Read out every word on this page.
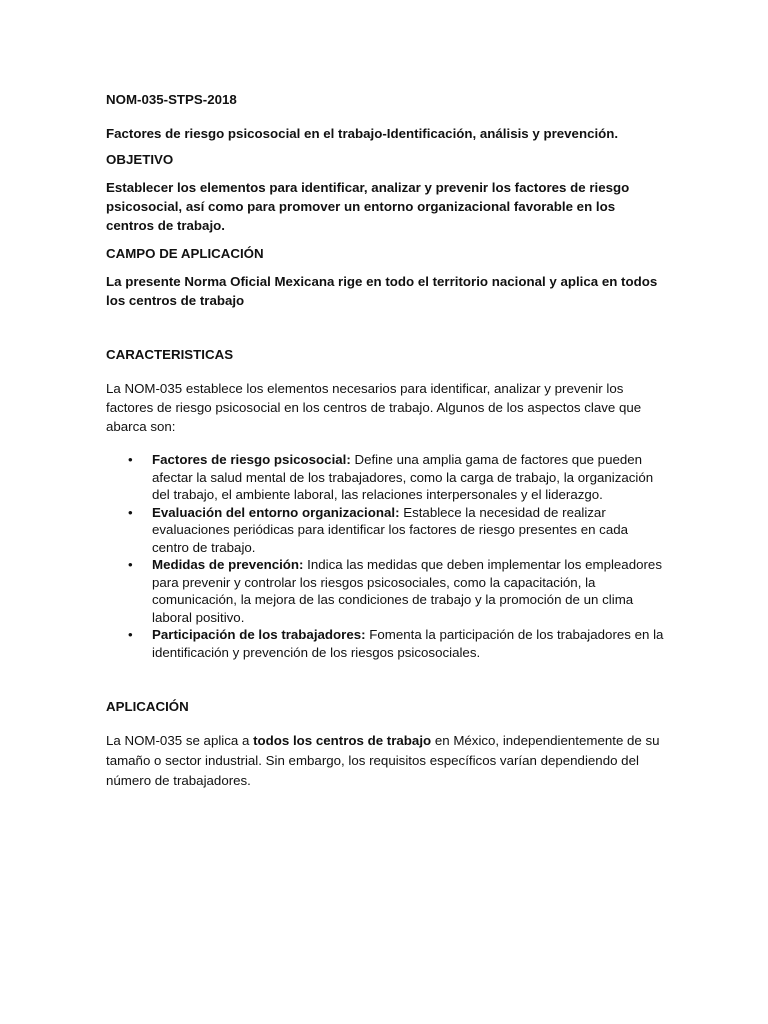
NOM-035-STPS-2018

Factores de riesgo psicosocial en el trabajo-Identificación, análisis y prevención.

OBJETIVO

Establecer los elementos para identificar, analizar y prevenir los factores de riesgo psicosocial, así como para promover un entorno organizacional favorable en los centros de trabajo.

CAMPO DE APLICACIÓN

La presente Norma Oficial Mexicana rige en todo el territorio nacional y aplica en todos los centros de trabajo

CARACTERISTICAS

La NOM-035 establece los elementos necesarios para identificar, analizar y prevenir los factores de riesgo psicosocial en los centros de trabajo. Algunos de los aspectos clave que abarca son:

• Factores de riesgo psicosocial: Define una amplia gama de factores que pueden afectar la salud mental de los trabajadores, como la carga de trabajo, la organización del trabajo, el ambiente laboral, las relaciones interpersonales y el liderazgo.
• Evaluación del entorno organizacional: Establece la necesidad de realizar evaluaciones periódicas para identificar los factores de riesgo presentes en cada centro de trabajo.
• Medidas de prevención: Indica las medidas que deben implementar los empleadores para prevenir y controlar los riesgos psicosociales, como la capacitación, la comunicación, la mejora de las condiciones de trabajo y la promoción de un clima laboral positivo.
• Participación de los trabajadores: Fomenta la participación de los trabajadores en la identificación y prevención de los riesgos psicosociales.

APLICACIÓN

La NOM-035 se aplica a todos los centros de trabajo en México, independientemente de su tamaño o sector industrial. Sin embargo, los requisitos específicos varían dependiendo del número de trabajadores.
